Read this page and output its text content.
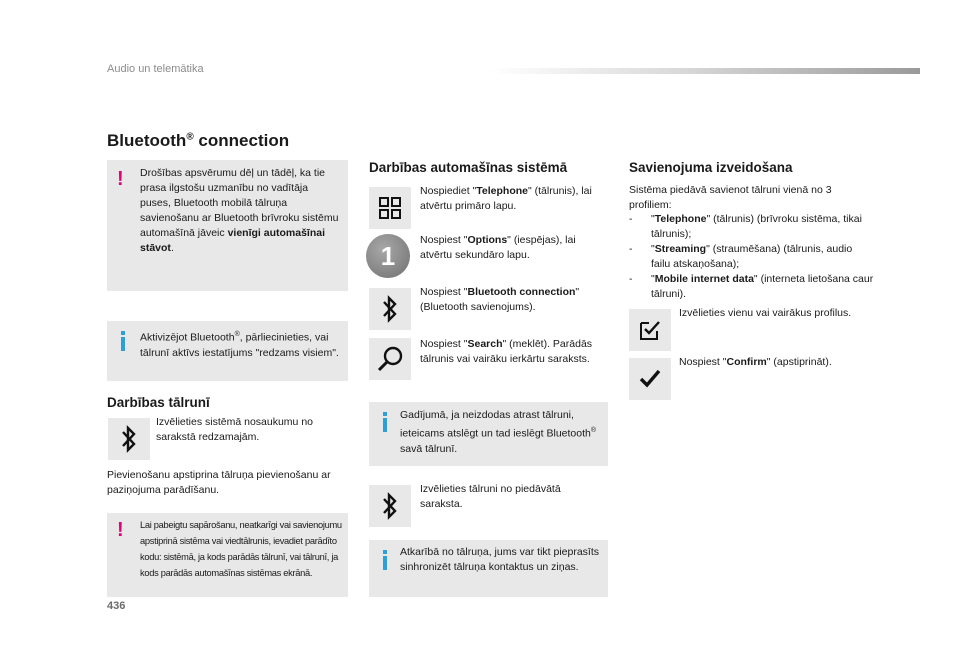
Audio un telemātika
Bluetooth® connection
! Drošības apsvērumu dēļ un tādēļ, ka tie prasa ilgstošu uzmanību no vadītāja puses, Bluetooth mobilā tālruņa savienošanu ar Bluetooth brīvroku sistēmu automašīnā jāveic vienīgi automašīnai stāvot.
Aktivizējot Bluetooth®, pārliecinieties, vai tālrunī aktīvs iestatījums "redzams visiem".
Darbības tālrunī
Izvēlieties sistēmā nosaukumu no sarakstā redzamajām.
Pievienošanu apstiprina tālruņa pievienošanu ar paziņojuma parādīšanu.
! Lai pabeigtu sapārošanu, neatkarīgi vai savienojumu apstiprinā sistēma vai viedtālrunis, ievadiet parādīto kodu: sistēmā, ja kods parādās tālrunī, vai tālrunī, ja kods parādās automašīnas sistēmas ekrānā.
Darbības automašīnas sistēmā
1
Nospiediet "Telephone" (tālrunis), lai atvērtu primāro lapu.
Nospiest "Options" (iespējas), lai atvērtu sekundāro lapu.
Nospiest "Bluetooth connection" (Bluetooth savienojums).
Nospiest "Search" (meklēt). Parādās tālrunis vai vairāku ierkārtu saraksts.
Gadījumā, ja neizdodas atrast tālruni, ieteicams atslēgt un tad ieslēgt Bluetooth® savā tālrunī.
Izvēlieties tālruni no piedāvātā saraksta.
Atkarībā no tālruņa, jums var tikt pieprasīts sinhronizēt tālruņa kontaktus un ziņas.
Savienojuma izveidošana
Sistēma piedāvā savienot tālruni vienā no 3 profiliem:
- "Telephone" (tālrunis) (brīvroku sistēma, tikai tālrunis);
- "Streaming" (straumēšana) (tālrunis, audio failu atskaņošana);
- "Mobile internet data" (interneta lietošana caur tālruni).
Izvēlieties vienu vai vairākus profilus.
Nospiest "Confirm" (apstiprināt).
436
